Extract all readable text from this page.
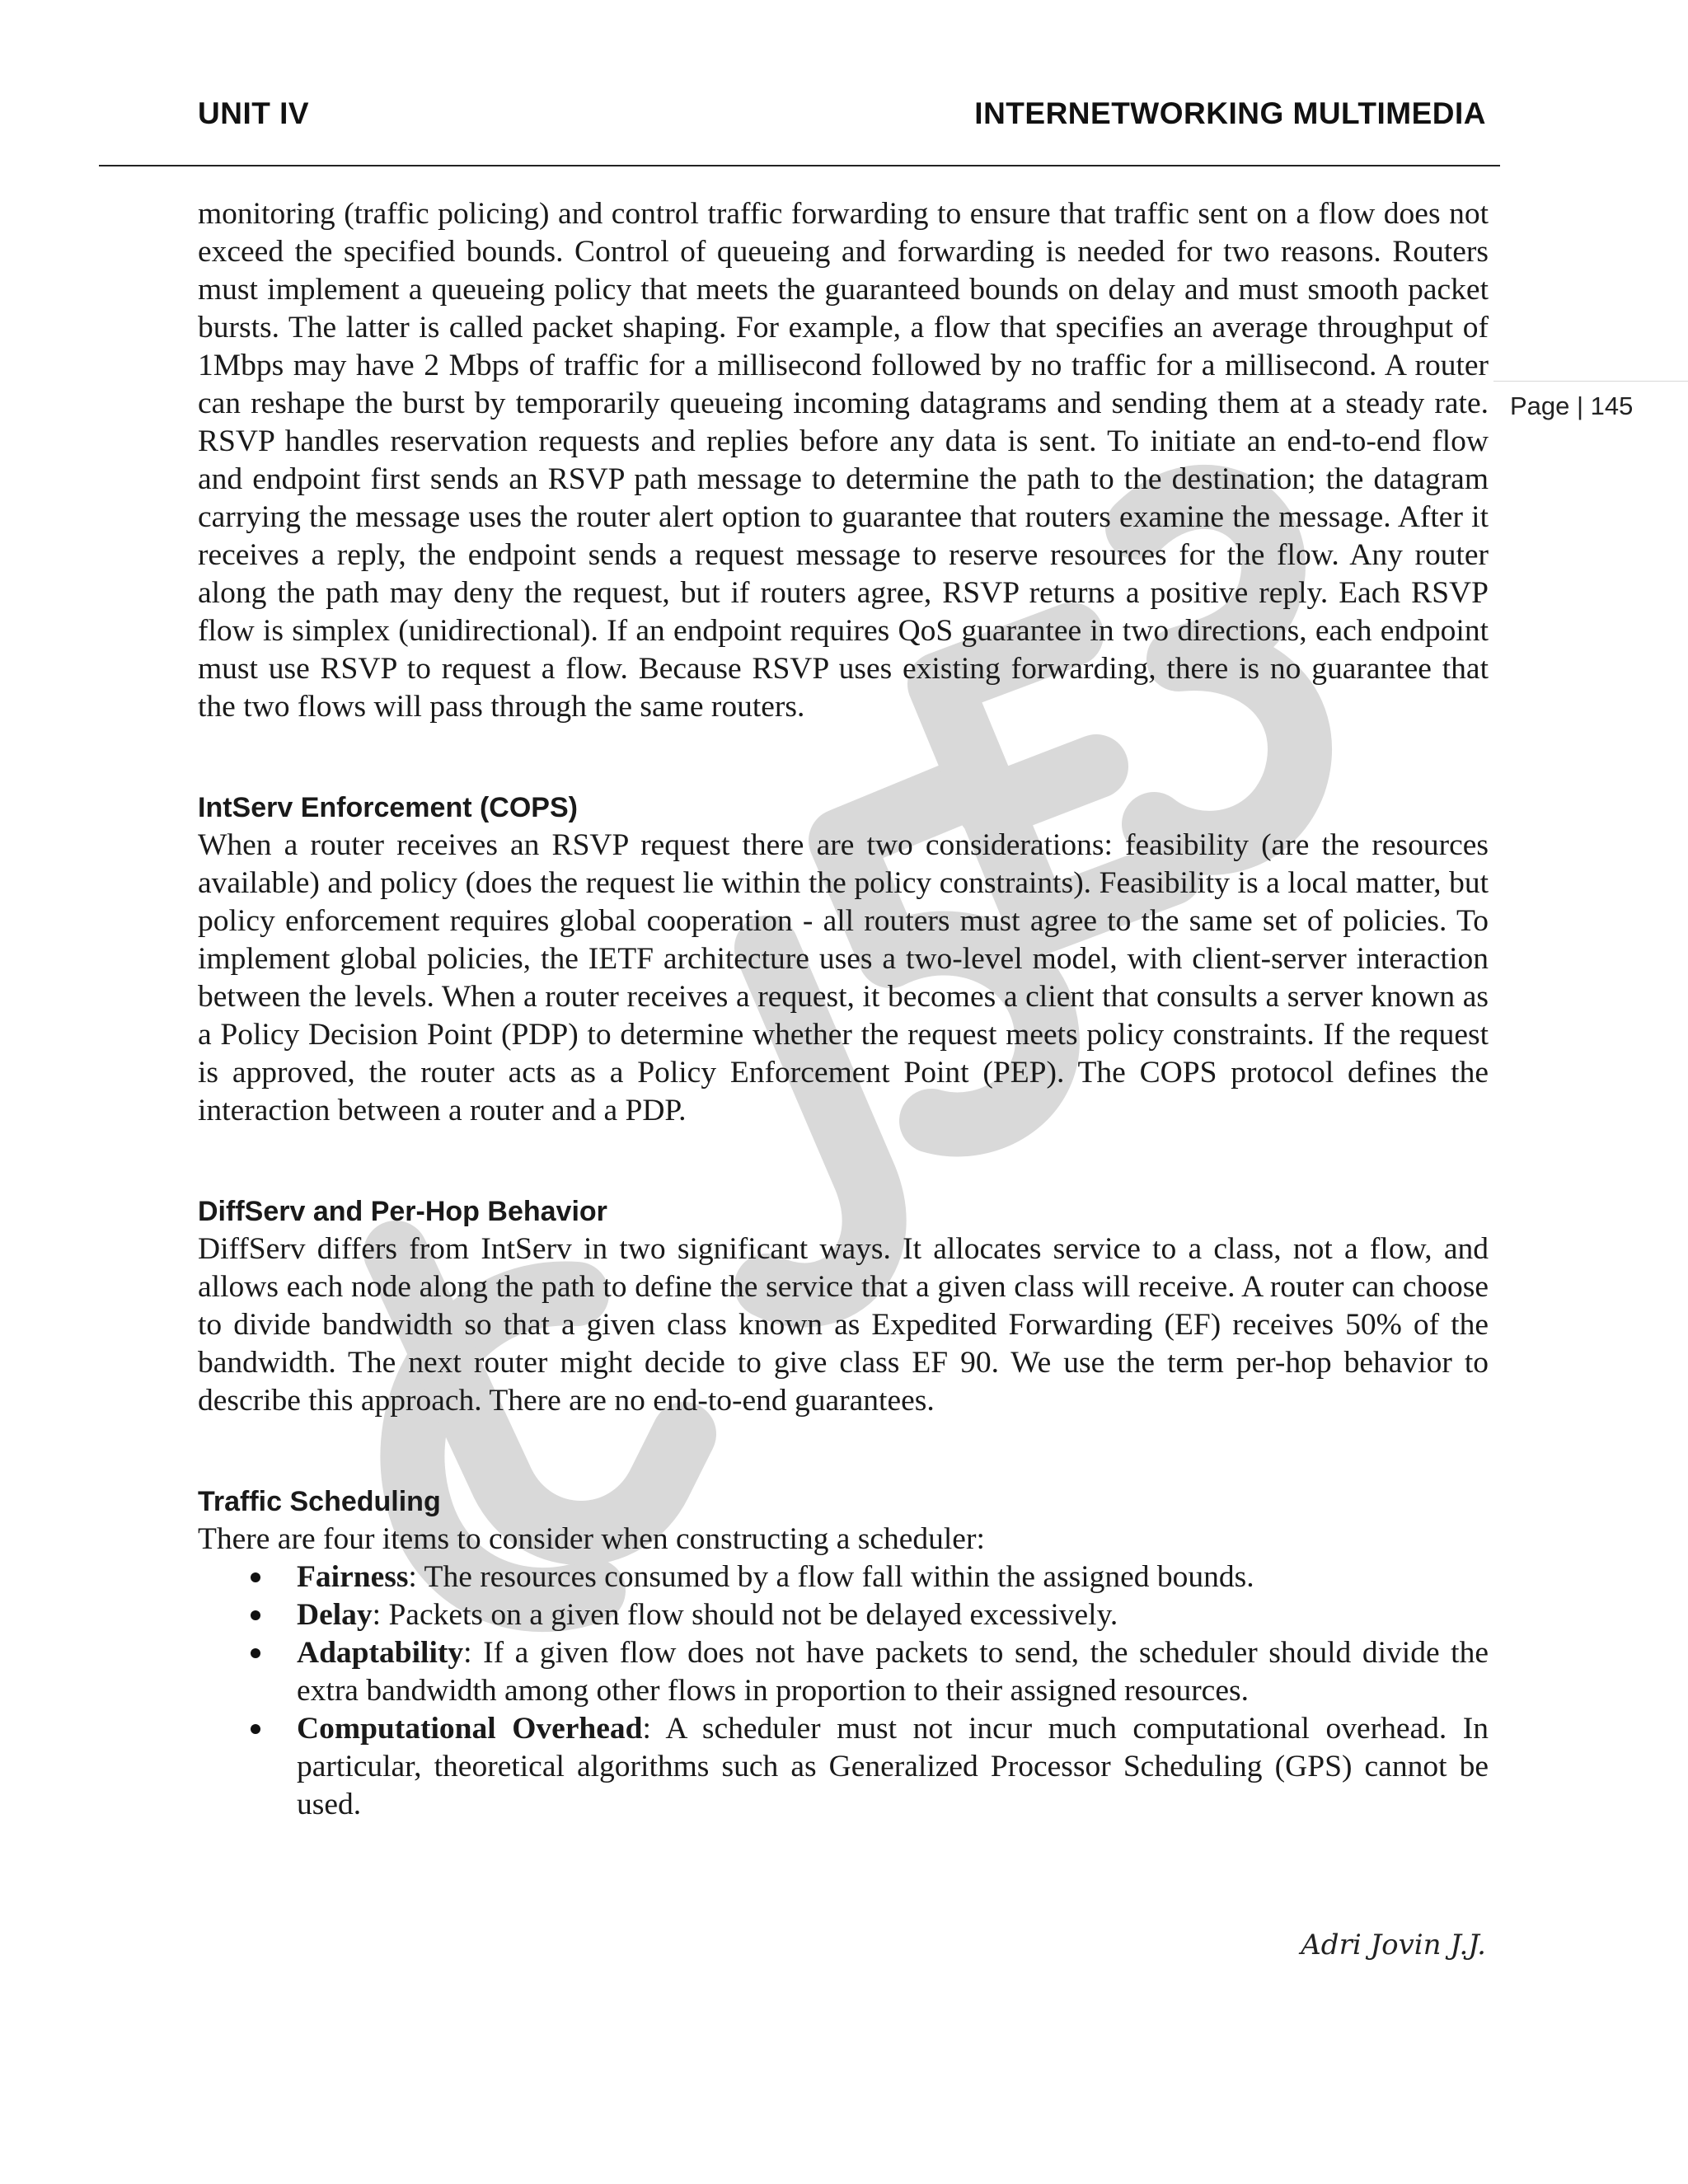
UNIT IV	INTERNETWORKING MULTIMEDIA
Page | 145

monitoring (traffic policing) and control traffic forwarding to ensure that traffic sent on a flow does not exceed the specified bounds. Control of queueing and forwarding is needed for two reasons. Routers must implement a queueing policy that meets the guaranteed bounds on delay and must smooth packet bursts. The latter is called packet shaping. For example, a flow that specifies an average throughput of 1Mbps may have 2 Mbps of traffic for a millisecond followed by no traffic for a millisecond. A router can reshape the burst by temporarily queueing incoming datagrams and sending them at a steady rate. RSVP handles reservation requests and replies before any data is sent. To initiate an end-to-end flow and endpoint first sends an RSVP path message to determine the path to the destination; the datagram carrying the message uses the router alert option to guarantee that routers examine the message. After it receives a reply, the endpoint sends a request message to reserve resources for the flow. Any router along the path may deny the request, but if routers agree, RSVP returns a positive reply. Each RSVP flow is simplex (unidirectional). If an endpoint requires QoS guarantee in two directions, each endpoint must use RSVP to request a flow. Because RSVP uses existing forwarding, there is no guarantee that the two flows will pass through the same routers.

IntServ Enforcement (COPS)

When a router receives an RSVP request there are two considerations: feasibility (are the resources available) and policy (does the request lie within the policy constraints). Feasibility is a local matter, but policy enforcement requires global cooperation - all routers must agree to the same set of policies. To implement global policies, the IETF architecture uses a two-level model, with client-server interaction between the levels. When a router receives a request, it becomes a client that consults a server known as a Policy Decision Point (PDP) to determine whether the request meets policy constraints. If the request is approved, the router acts as a Policy Enforcement Point (PEP). The COPS protocol defines the interaction between a router and a PDP.

DiffServ and Per-Hop Behavior

DiffServ differs from IntServ in two significant ways. It allocates service to a class, not a flow, and allows each node along the path to define the service that a given class will receive. A router can choose to divide bandwidth so that a given class known as Expedited Forwarding (EF) receives 50% of the bandwidth. The next router might decide to give class EF 90. We use the term per-hop behavior to describe this approach. There are no end-to-end guarantees.

Traffic Scheduling

There are four items to consider when constructing a scheduler:

Fairness: The resources consumed by a flow fall within the assigned bounds.
Delay: Packets on a given flow should not be delayed excessively.
Adaptability: If a given flow does not have packets to send, the scheduler should divide the extra bandwidth among other flows in proportion to their assigned resources.
Computational Overhead: A scheduler must not incur much computational overhead. In particular, theoretical algorithms such as Generalized Processor Scheduling (GPS) cannot be used.
Adri Jovin J.J.
